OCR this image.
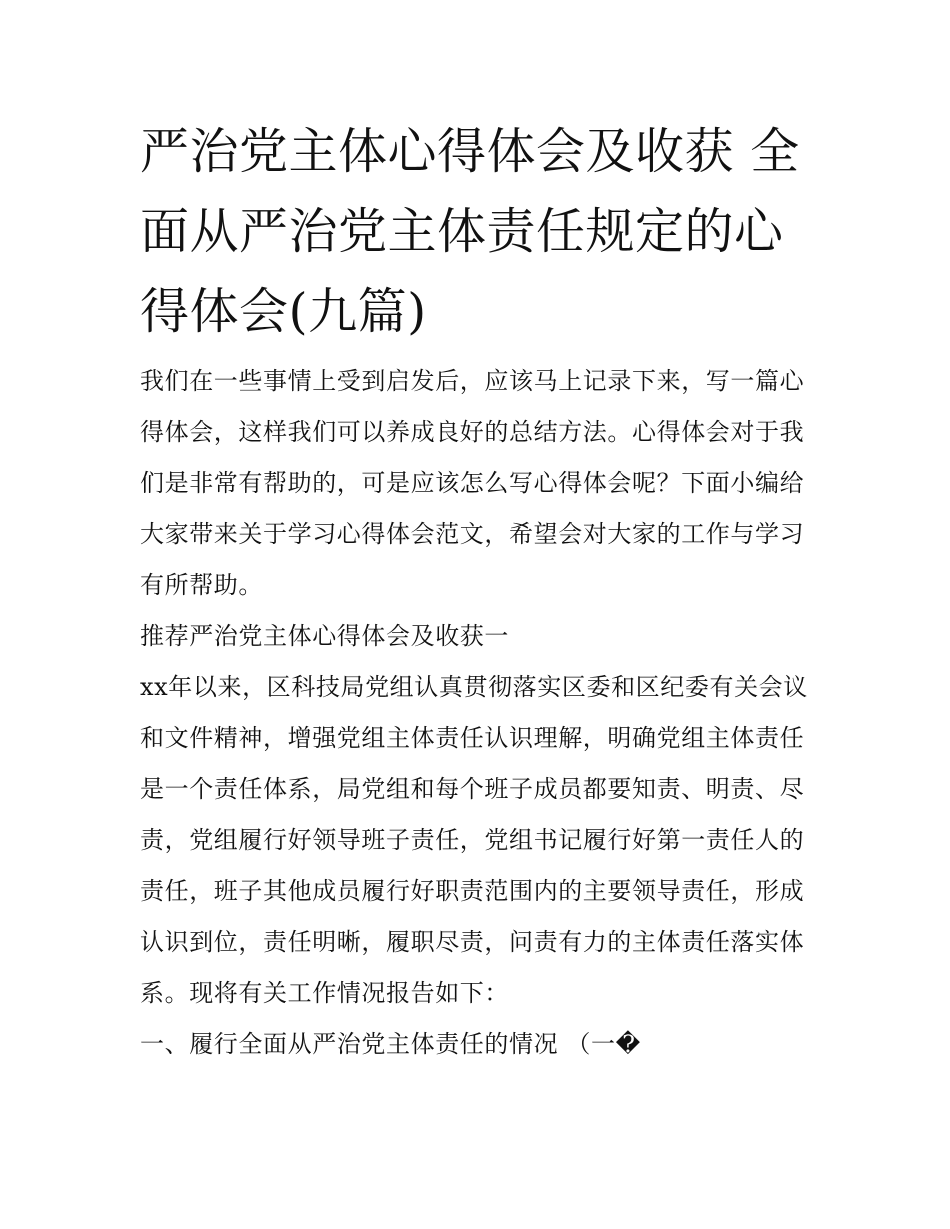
严治党主体心得体会及收获 全面从严治党主体责任规定的心得体会(九篇)

我们在一些事情上受到启发后，应该马上记录下来，写一篇心得体会，这样我们可以养成良好的总结方法。心得体会对于我们是非常有帮助的，可是应该怎么写心得体会呢？下面小编给大家带来关于学习心得体会范文，希望会对大家的工作与学习有所帮助。

推荐严治党主体心得体会及收获一

xx年以来，区科技局党组认真贯彻落实区委和区纪委有关会议和文件精神，增强党组主体责任认识理解，明确党组主体责任是一个责任体系，局党组和每个班子成员都要知责、明责、尽责，党组履行好领导班子责任，党组书记履行好第一责任人的责任，班子其他成员履行好职责范围内的主要领导责任，形成认识到位，责任明晰，履职尽责，问责有力的主体责任落实体系。现将有关工作情况报告如下：

一、履行全面从严治党主体责任的情况 （一�
